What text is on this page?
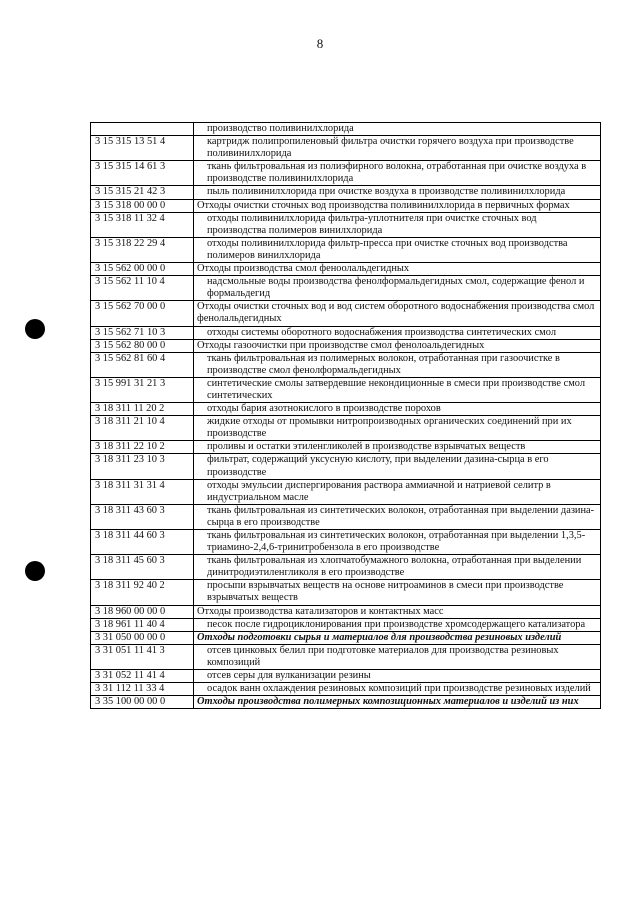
8
	производство поливинилхлорида
3 15 315 13 51 4	картридж полипропиленовый фильтра очистки горячего воздуха при производстве поливинилхлорида
3 15 315 14 61 3	ткань фильтровальная из полиэфирного волокна, отработанная при очистке воздуха в производстве поливинилхлорида
3 15 315 21 42 3	пыль поливинилхлорида при очистке воздуха в производстве поливинилхлорида
3 15 318 00 00 0	Отходы очистки сточных вод производства поливинилхлорида в первичных формах
3 15 318 11 32 4	отходы поливинилхлорида фильтра-уплотнителя при очистке сточных вод производства полимеров винилхлорида
3 15 318 22 29 4	отходы поливинилхлорида фильтр-пресса при очистке сточных вод производства полимеров винилхлорида
3 15 562 00 00 0	Отходы производства смол феноолальдегидных
3 15 562 11 10 4	надсмольные воды производства фенолформальдегидных смол, содержащие фенол и формальдегид
3 15 562 70 00 0	Отходы очистки сточных вод и вод систем оборотного водоснабжения производства смол фенолальдегидных
3 15 562 71 10 3	отходы системы оборотного водоснабжения производства синтетических смол
3 15 562 80 00 0	Отходы газоочистки при производстве смол фенолоальдегидных
3 15 562 81 60 4	ткань фильтровальная из полимерных волокон, отработанная при газоочистке в производстве смол фенолформальдегидных
3 15 991 31 21 3	синтетические смолы затвердевшие некондиционные в смеси при производстве смол синтетических
3 18 311 11 20 2	отходы бария азотнокислого в производстве порохов
3 18 311 21 10 4	жидкие отходы от промывки нитропроизводных органических соединений при их производстве
3 18 311 22 10 2	проливы и остатки этиленгликолей в производстве взрывчатых веществ
3 18 311 23 10 3	фильтрат, содержащий уксусную кислоту, при выделении дазина-сырца в его производстве
3 18 311 31 31 4	отходы эмульсии диспергирования раствора аммиачной и натриевой селитр в индустриальном масле
3 18 311 43 60 3	ткань фильтровальная из синтетических волокон, отработанная при выделении дазина-сырца в его производстве
3 18 311 44 60 3	ткань фильтровальная из синтетических волокон, отработанная при выделении 1,3,5-триамино-2,4,6-тринитробензола в его производстве
3 18 311 45 60 3	ткань фильтровальная из хлопчатобумажного волокна, отработанная при выделении динитродиэтиленгликоля в его производстве
3 18 311 92 40 2	просыпи взрывчатых веществ на основе нитроаминов в смеси при производстве взрывчатых веществ
3 18 960 00 00 0	Отходы производства катализаторов и контактных масс
3 18 961 11 40 4	песок после гидроциклонирования при производстве хромсодержащего катализатора
3 31 050 00 00 0	Отходы подготовки сырья и материалов для производства резиновых изделий
3 31 051 11 41 3	отсев цинковых белил при подготовке материалов для производства резиновых композиций
3 31 052 11 41 4	отсев серы для вулканизации резины
3 31 112 11 33 4	осадок ванн охлаждения резиновых композиций при производстве резиновых изделий
3 35 100 00 00 0	Отходы производства полимерных композиционных материалов и изделий из них
